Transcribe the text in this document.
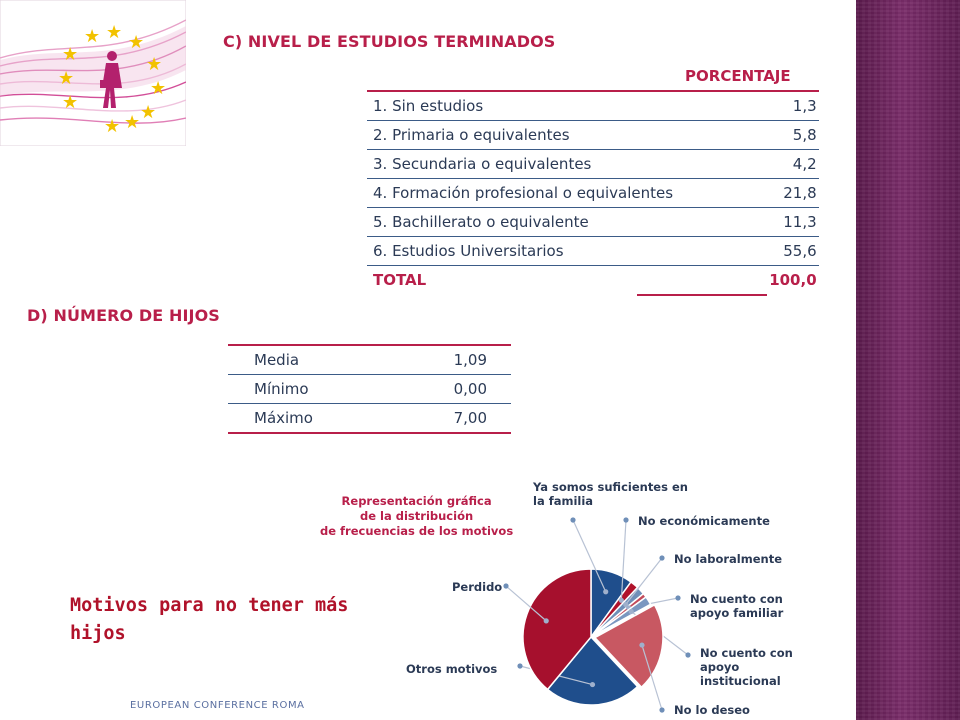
★ ★ ★
★	★
★	★
★	★
★ ★
C) NIVEL DE ESTUDIOS TERMINADOS
	PORCENTAJE
1. Sin estudios	1,3
2. Primaria o equivalentes	5,8
3. Secundaria o equivalentes	4,2
4. Formación profesional o equivalentes	21,8
5. Bachillerato o equivalente	11,3
6. Estudios Universitarios	55,6
TOTAL	100,0
D) NÚMERO DE HIJOS
Media	1,09
Mínimo	0,00
Máximo	7,00
Motivos para no tener más hijos
Representación gráfica
de la distribución
de frecuencias de los motivos
Ya somos suficientes en la familia
No económicamente
No laboralmente
No cuento con apoyo familiar
No cuento con apoyo institucional
No lo deseo
Otros motivos
Perdido
EUROPEAN CONFERENCE ROMA
